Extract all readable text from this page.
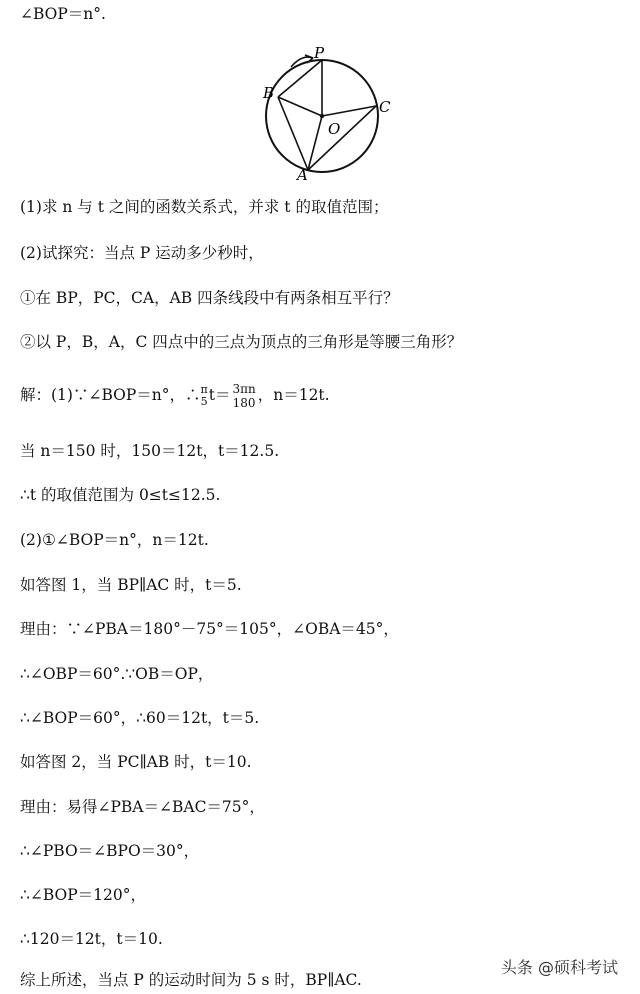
∠BOP＝n°.
P
B
O
C
A
(1)求 n 与 t 之间的函数关系式，并求 t 的取值范围；
(2)试探究：当点 P 运动多少秒时，
①在 BP，PC，CA，AB 四条线段中有两条相互平行？
②以 P，B，A，C 四点中的三点为顶点的三角形是等腰三角形？
解：(1)∵∠BOP＝n°，∴ π
5 t＝ 3πn
180 ，n＝12t.
当 n＝150 时，150＝12t，t＝12.5.
∴t 的取值范围为 0≤t≤12.5.
(2)①∠BOP＝n°，n＝12t.
如答图 1，当 BP∥AC 时，t＝5.
理由：∵∠PBA＝180°－75°＝105°，∠OBA＝45°，
∴∠OBP＝60°.∵OB＝OP，
∴∠BOP＝60°，∴60＝12t，t＝5.
如答图 2，当 PC∥AB 时，t＝10.
理由：易得∠PBA＝∠BAC＝75°，
∴∠PBO＝∠BPO＝30°，
∴∠BOP＝120°，
∴120＝12t，t＝10.
综上所述，当点 P 的运动时间为 5 s 时，BP∥AC.
头条 @硕科考试
